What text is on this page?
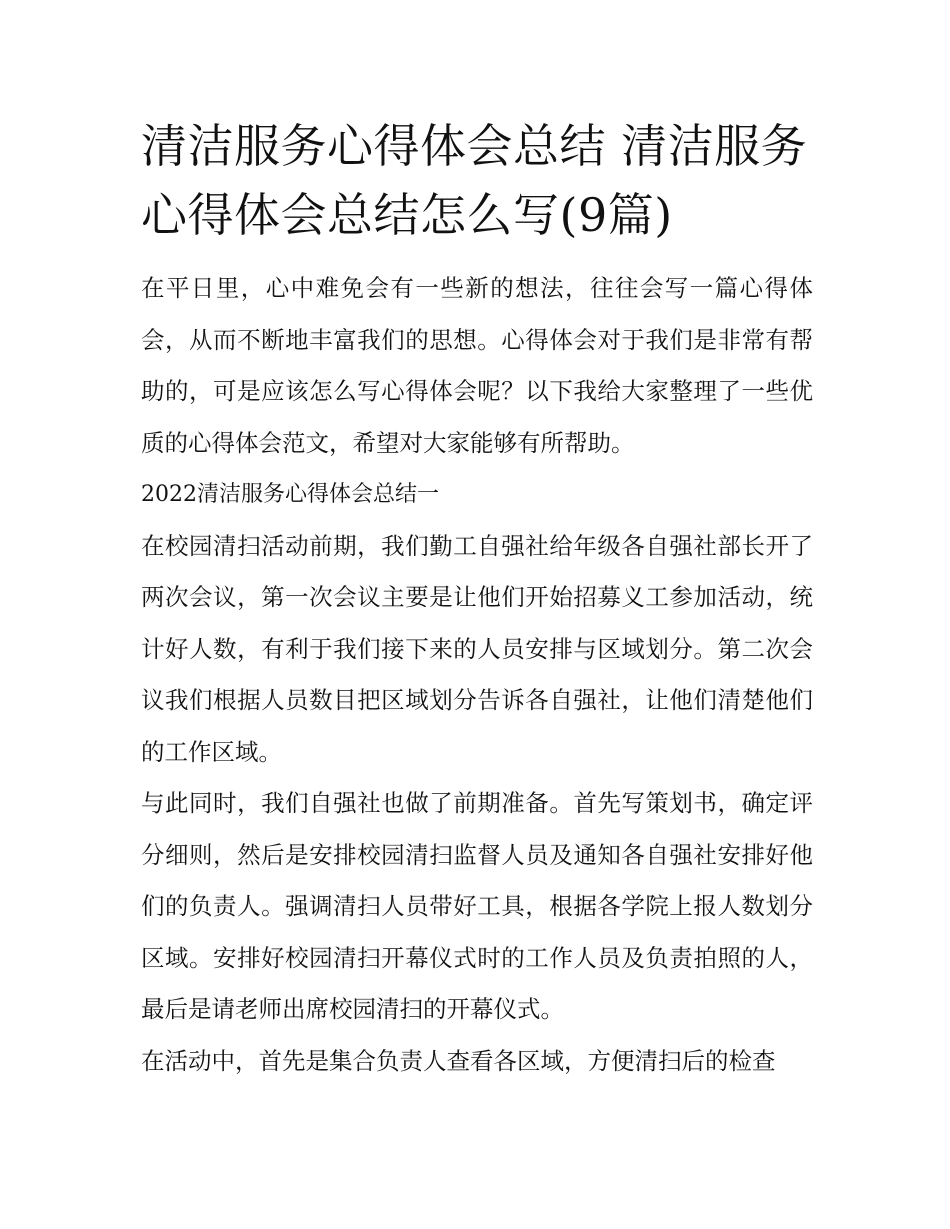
清洁服务心得体会总结 清洁服务心得体会总结怎么写(9篇)

在平日里，心中难免会有一些新的想法，往往会写一篇心得体会，从而不断地丰富我们的思想。心得体会对于我们是非常有帮助的，可是应该怎么写心得体会呢？以下我给大家整理了一些优质的心得体会范文，希望对大家能够有所帮助。

2022清洁服务心得体会总结一

在校园清扫活动前期，我们勤工自强社给年级各自强社部长开了两次会议，第一次会议主要是让他们开始招募义工参加活动，统计好人数，有利于我们接下来的人员安排与区域划分。第二次会议我们根据人员数目把区域划分告诉各自强社，让他们清楚他们的工作区域。

与此同时，我们自强社也做了前期准备。首先写策划书，确定评分细则，然后是安排校园清扫监督人员及通知各自强社安排好他们的负责人。强调清扫人员带好工具，根据各学院上报人数划分区域。安排好校园清扫开幕仪式时的工作人员及负责拍照的人，最后是请老师出席校园清扫的开幕仪式。

在活动中，首先是集合负责人查看各区域，方便清扫后的检查
